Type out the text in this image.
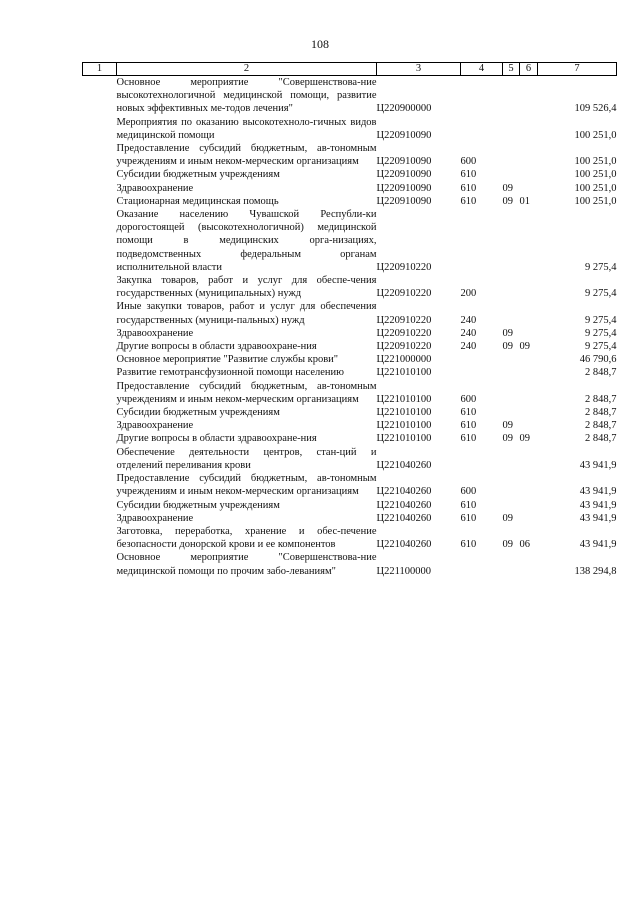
108
1	2	3	4	5	6	7
	Основное мероприятие "Совершенствова-ние высокотехнологичной медицинской помощи, развитие новых эффективных ме-тодов лечения"	Ц220900000				109 526,4
	Мероприятия по оказанию высокотехноло-гичных видов медицинской помощи	Ц220910090				100 251,0
	Предоставление субсидий бюджетным, ав-тономным учреждениям и иным неком-мерческим организациям	Ц220910090	600			100 251,0
	Субсидии бюджетным учреждениям	Ц220910090	610			100 251,0
	Здравоохранение	Ц220910090	610	09		100 251,0
	Стационарная медицинская помощь	Ц220910090	610	09	01	100 251,0
	Оказание населению Чувашской Республи-ки дорогостоящей (высокотехнологичной) медицинской помощи в медицинских орга-низациях, подведомственных федеральным органам исполнительной власти	Ц220910220				9 275,4
	Закупка товаров, работ и услуг для обеспе-чения государственных (муниципальных) нужд	Ц220910220	200			9 275,4
	Иные закупки товаров, работ и услуг для обеспечения государственных (муници-пальных) нужд	Ц220910220	240			9 275,4
	Здравоохранение	Ц220910220	240	09		9 275,4
	Другие вопросы в области здравоохране-ния	Ц220910220	240	09	09	9 275,4
	Основное мероприятие "Развитие службы крови"	Ц221000000				46 790,6
	Развитие гемотрансфузионной помощи населению	Ц221010100				2 848,7
	Предоставление субсидий бюджетным, ав-тономным учреждениям и иным неком-мерческим организациям	Ц221010100	600			2 848,7
	Субсидии бюджетным учреждениям	Ц221010100	610			2 848,7
	Здравоохранение	Ц221010100	610	09		2 848,7
	Другие вопросы в области здравоохране-ния	Ц221010100	610	09	09	2 848,7
	Обеспечение деятельности центров, стан-ций и отделений переливания крови	Ц221040260				43 941,9
	Предоставление субсидий бюджетным, ав-тономным учреждениям и иным неком-мерческим организациям	Ц221040260	600			43 941,9
	Субсидии бюджетным учреждениям	Ц221040260	610			43 941,9
	Здравоохранение	Ц221040260	610	09		43 941,9
	Заготовка, переработка, хранение и обес-печение безопасности донорской крови и ее компонентов	Ц221040260	610	09	06	43 941,9
	Основное мероприятие "Совершенствова-ние медицинской помощи по прочим забо-леваниям"	Ц221100000				138 294,8
